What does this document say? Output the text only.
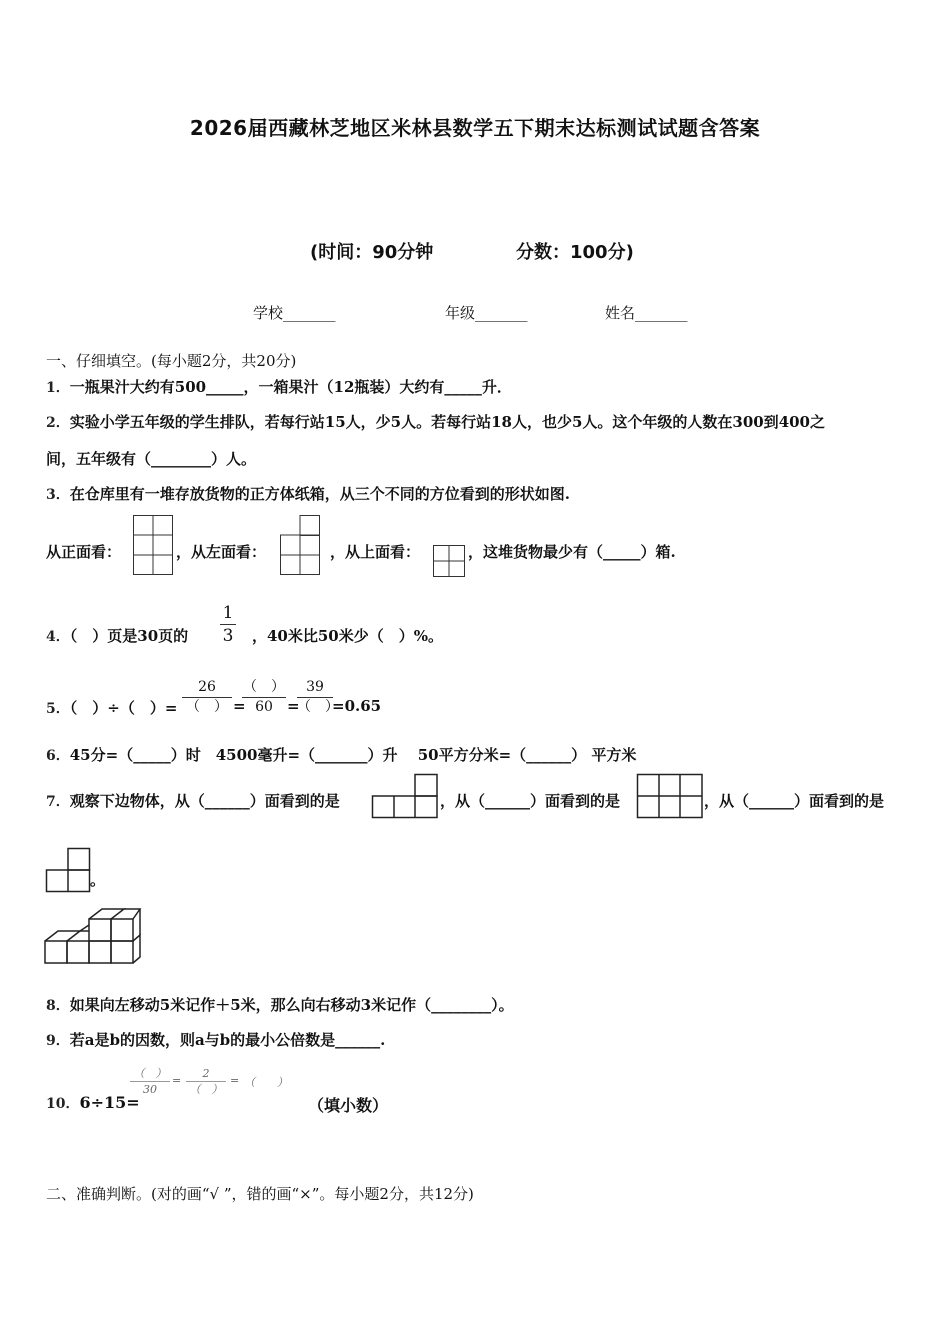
2026届西藏林芝地区米林县数学五下期末达标测试试题含答案
(时间：90分钟	分数：100分)
学校_______	年级_______	姓名_______
一、仔细填空。(每小题2分，共20分)
1．一瓶果汁大约有500_____，一箱果汁（12瓶装）大约有_____升．
2．实验小学五年级的学生排队，若每行站15人，少5人。若每行站18人，也少5人。这个年级的人数在300到400之
间，五年级有（________）人。
3．在仓库里有一堆存放货物的正方体纸箱，从三个不同的方位看到的形状如图.
从正面看：	，从左面看：	，从上面看：	，这堆货物最少有（_____）箱.
4．（　）页是30页的 $\frac{1}{3}$ ，40米比50米少（　）%。
5．（　）÷（　）=
26
（　） =
（　）
60 =
39
（　）
=0.65
6．45分=（_____）时　4500毫升=（_______）升　 50平方分米=（______） 平方米
7．观察下边物体，从（______）面看到的是	，从（______）面看到的是	，从（______）面看到的是
。
8．如果向左移动5米记作＋5米，那么向右移动3米记作（________）。
9．若a是b的因数，则a与b的最小公倍数是______.
10．6÷15=
（　）
30
=
2
（　）
= （　　）
（填小数）
二、准确判断。(对的画“√ ”，错的画“×”。每小题2分，共12分)
